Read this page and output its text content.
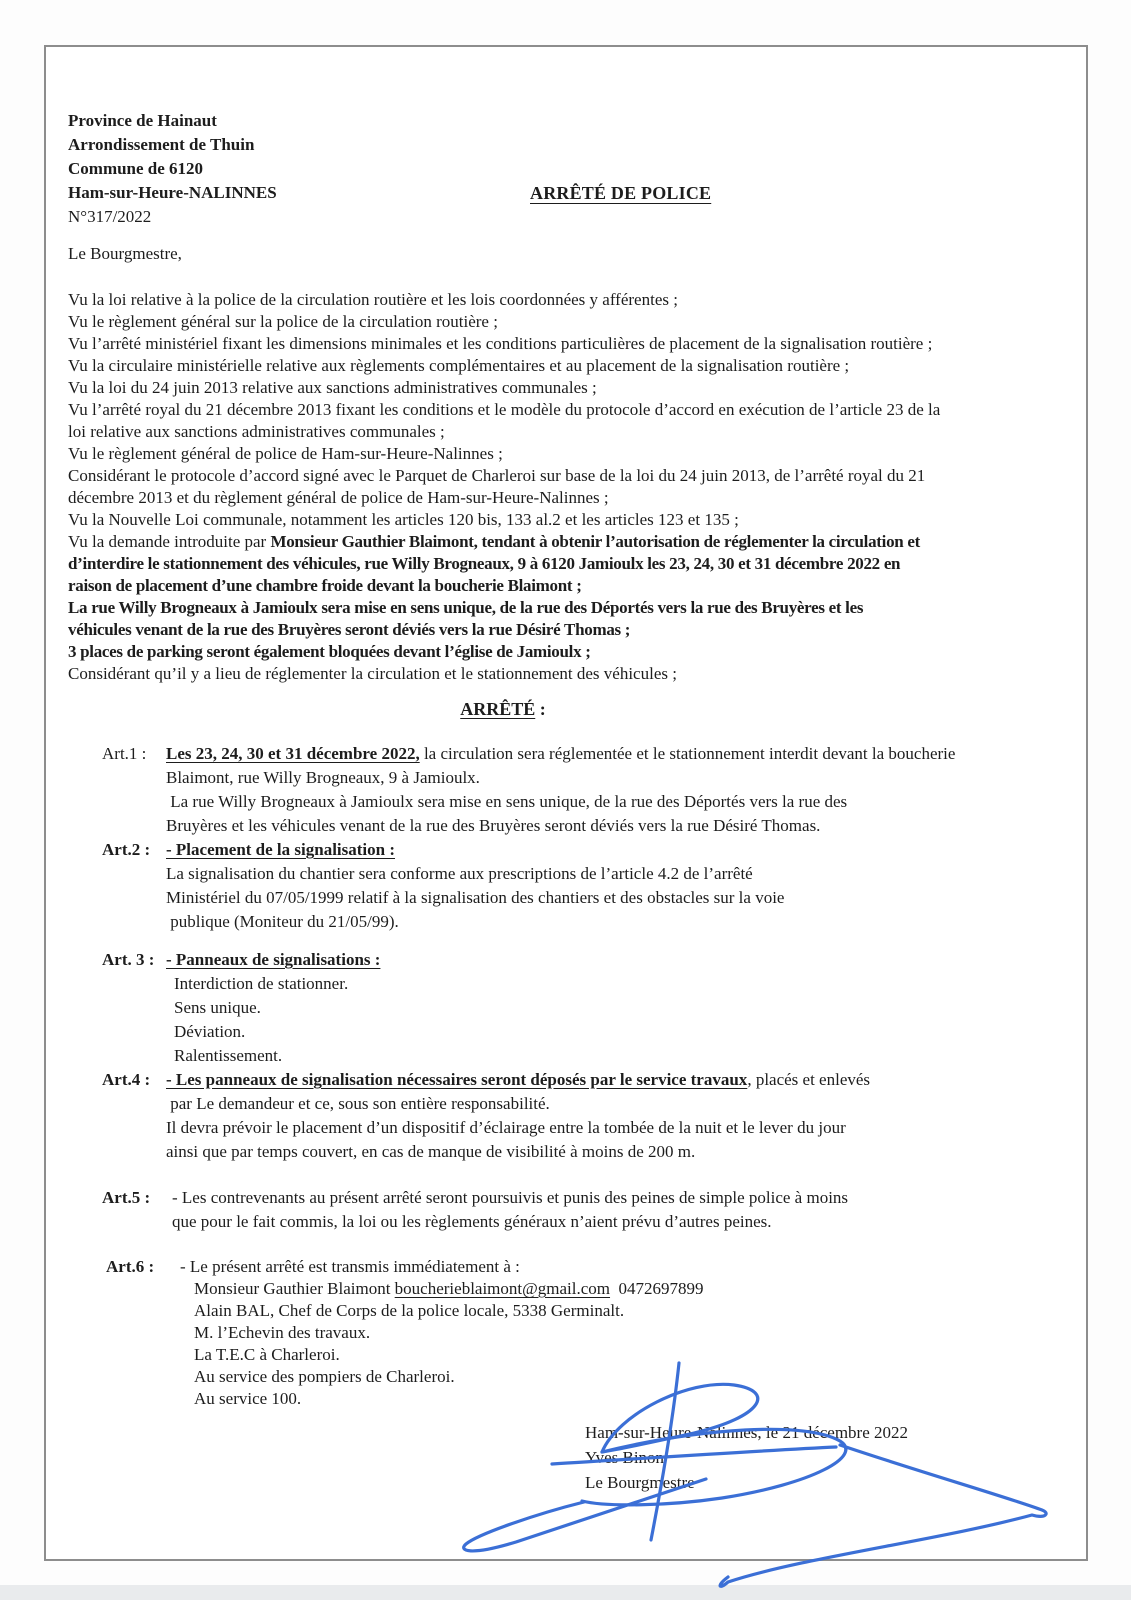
Province de Hainaut
Arrondissement de Thuin
Commune de 6120
Ham-sur-Heure-NALINNES
N°317/2022
ARRÊTÉ DE POLICE
Le Bourgmestre,
Vu la loi relative à la police de la circulation routière et les lois coordonnées y afférentes ;
Vu le règlement général sur la police de la circulation routière ;
Vu l’arrêté ministériel fixant les dimensions minimales et les conditions particulières de placement de la signalisation routière ;
Vu la circulaire ministérielle relative aux règlements complémentaires et au placement de la signalisation routière ;
Vu la loi du 24 juin 2013 relative aux sanctions administratives communales ;
Vu l’arrêté royal du 21 décembre 2013 fixant les conditions et le modèle du protocole d’accord en exécution de l’article 23 de la
loi relative aux sanctions administratives communales ;
Vu le règlement général de police de Ham-sur-Heure-Nalinnes ;
Considérant le protocole d’accord signé avec le Parquet de Charleroi sur base de la loi du 24 juin 2013, de l’arrêté royal du 21
décembre 2013 et du règlement général de police de Ham-sur-Heure-Nalinnes ;
Vu la Nouvelle Loi communale, notamment les articles 120 bis, 133 al.2 et les articles 123 et 135 ;
Vu la demande introduite par Monsieur Gauthier Blaimont, tendant à obtenir l’autorisation de réglementer la circulation et
d’interdire le stationnement des véhicules, rue Willy Brogneaux, 9 à 6120 Jamioulx les 23, 24, 30 et 31 décembre 2022 en
raison de placement d’une chambre froide devant la boucherie Blaimont ;
La rue Willy Brogneaux à Jamioulx sera mise en sens unique, de la rue des Déportés vers la rue des Bruyères et les
véhicules venant de la rue des Bruyères seront déviés vers la rue Désiré Thomas ;
3 places de parking seront également bloquées devant l’église de Jamioulx ;
Considérant qu’il y a lieu de réglementer la circulation et le stationnement des véhicules ;
ARRÊTÉ :
Art.1 :	Les 23, 24, 30 et 31 décembre 2022, la circulation sera réglementée et le stationnement interdit devant la boucherie
Blaimont, rue Willy Brogneaux, 9 à Jamioulx.
La rue Willy Brogneaux à Jamioulx sera mise en sens unique, de la rue des Déportés vers la rue des
Bruyères et les véhicules venant de la rue des Bruyères seront déviés vers la rue Désiré Thomas.
Art.2 : - Placement de la signalisation :
La signalisation du chantier sera conforme aux prescriptions de l’article 4.2 de l’arrêté
Ministériel du 07/05/1999 relatif à la signalisation des chantiers et des obstacles sur la voie
publique (Moniteur du 21/05/99).
Art. 3 : - Panneaux de signalisations :
Interdiction de stationner.
Sens unique.
Déviation.
Ralentissement.
Art.4 : - Les panneaux de signalisation nécessaires seront déposés par le service travaux, placés et enlevés
par Le demandeur et ce, sous son entière responsabilité.
Il devra prévoir le placement d’un dispositif d’éclairage entre la tombée de la nuit et le lever du jour
ainsi que par temps couvert, en cas de manque de visibilité à moins de 200 m.
Art.5 :	- Les contrevenants au présent arrêté seront poursuivis et punis des peines de simple police à moins
que pour le fait commis, la loi ou les règlements généraux n’aient prévu d’autres peines.
Art.6 :	- Le présent arrêté est transmis immédiatement à :
Monsieur Gauthier Blaimont boucherieblaimont@gmail.com  0472697899
Alain BAL, Chef de Corps de la police locale, 5338 Germinalt.
M. l’Echevin des travaux.
La T.E.C à Charleroi.
Au service des pompiers de Charleroi.
Au service 100.
Ham-sur-Heure-Nalinnes, le 21 décembre 2022
Yves Binon
Le Bourgmestre
